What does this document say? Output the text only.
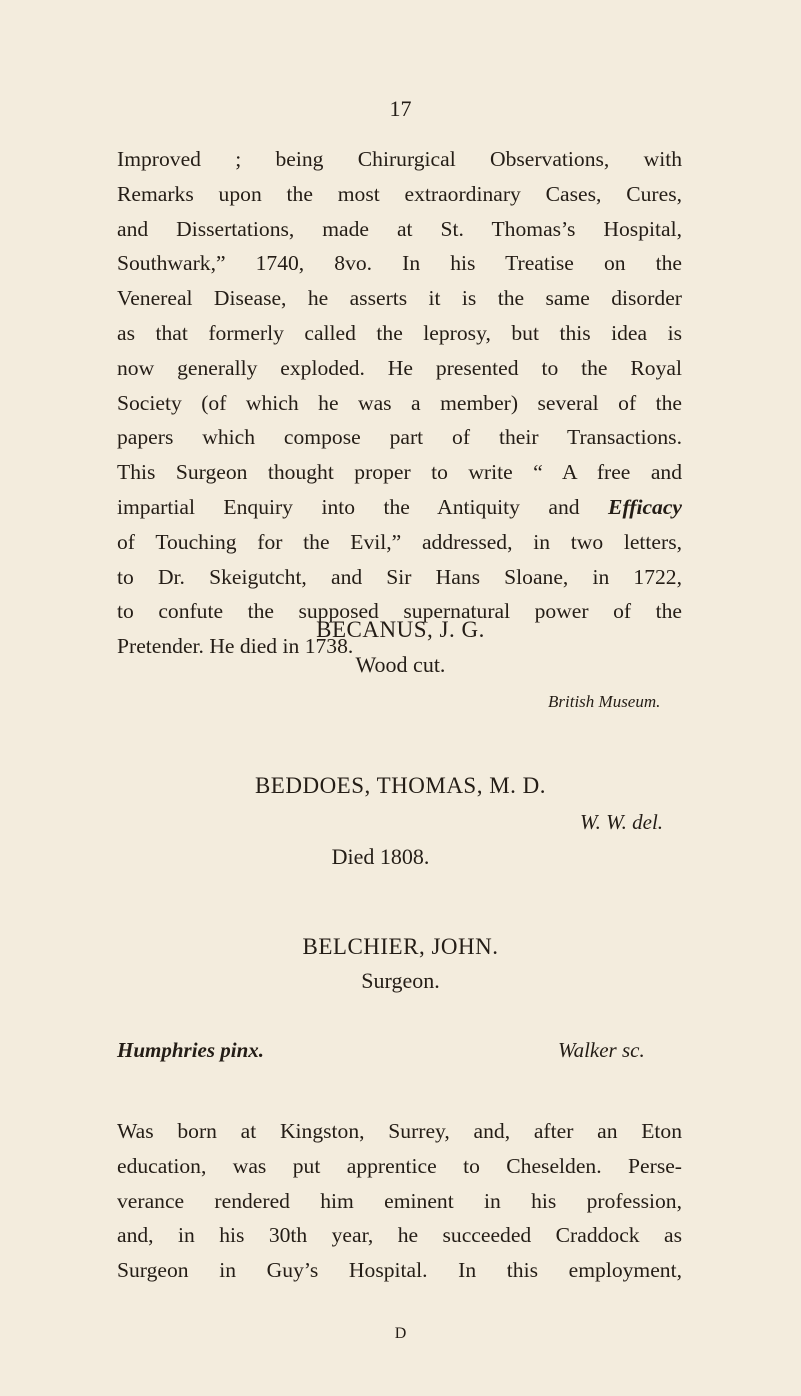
17
Improved ; being Chirurgical Observations, with
Remarks upon the most extraordinary Cases, Cures,
and Dissertations, made at St. Thomas’s Hospital,
Southwark,” 1740, 8vo. In his Treatise on the
Venereal Disease, he asserts it is the same disorder
as that formerly called the leprosy, but this idea is
now generally exploded. He presented to the Royal
Society (of which he was a member) several of the
papers which compose part of their Transactions.
This Surgeon thought proper to write “ A free and
impartial Enquiry into the Antiquity and Efficacy
of Touching for the Evil,” addressed, in two letters,
to Dr. Skeigutcht, and Sir Hans Sloane, in 1722,
to confute the supposed supernatural power of the
Pretender. He died in 1738.
BECANUS, J. G.
Wood cut.
British Museum.
BEDDOES, THOMAS, M. D.
W. W. del.
Died 1808.
BELCHIER, JOHN.
Surgeon.
Humphries pinx.	Walker sc.
Was born at Kingston, Surrey, and, after an Eton
education, was put apprentice to Cheselden. Perse-
verance rendered him eminent in his profession,
and, in his 30th year, he succeeded Craddock as
Surgeon in Guy’s Hospital. In this employment,
D
